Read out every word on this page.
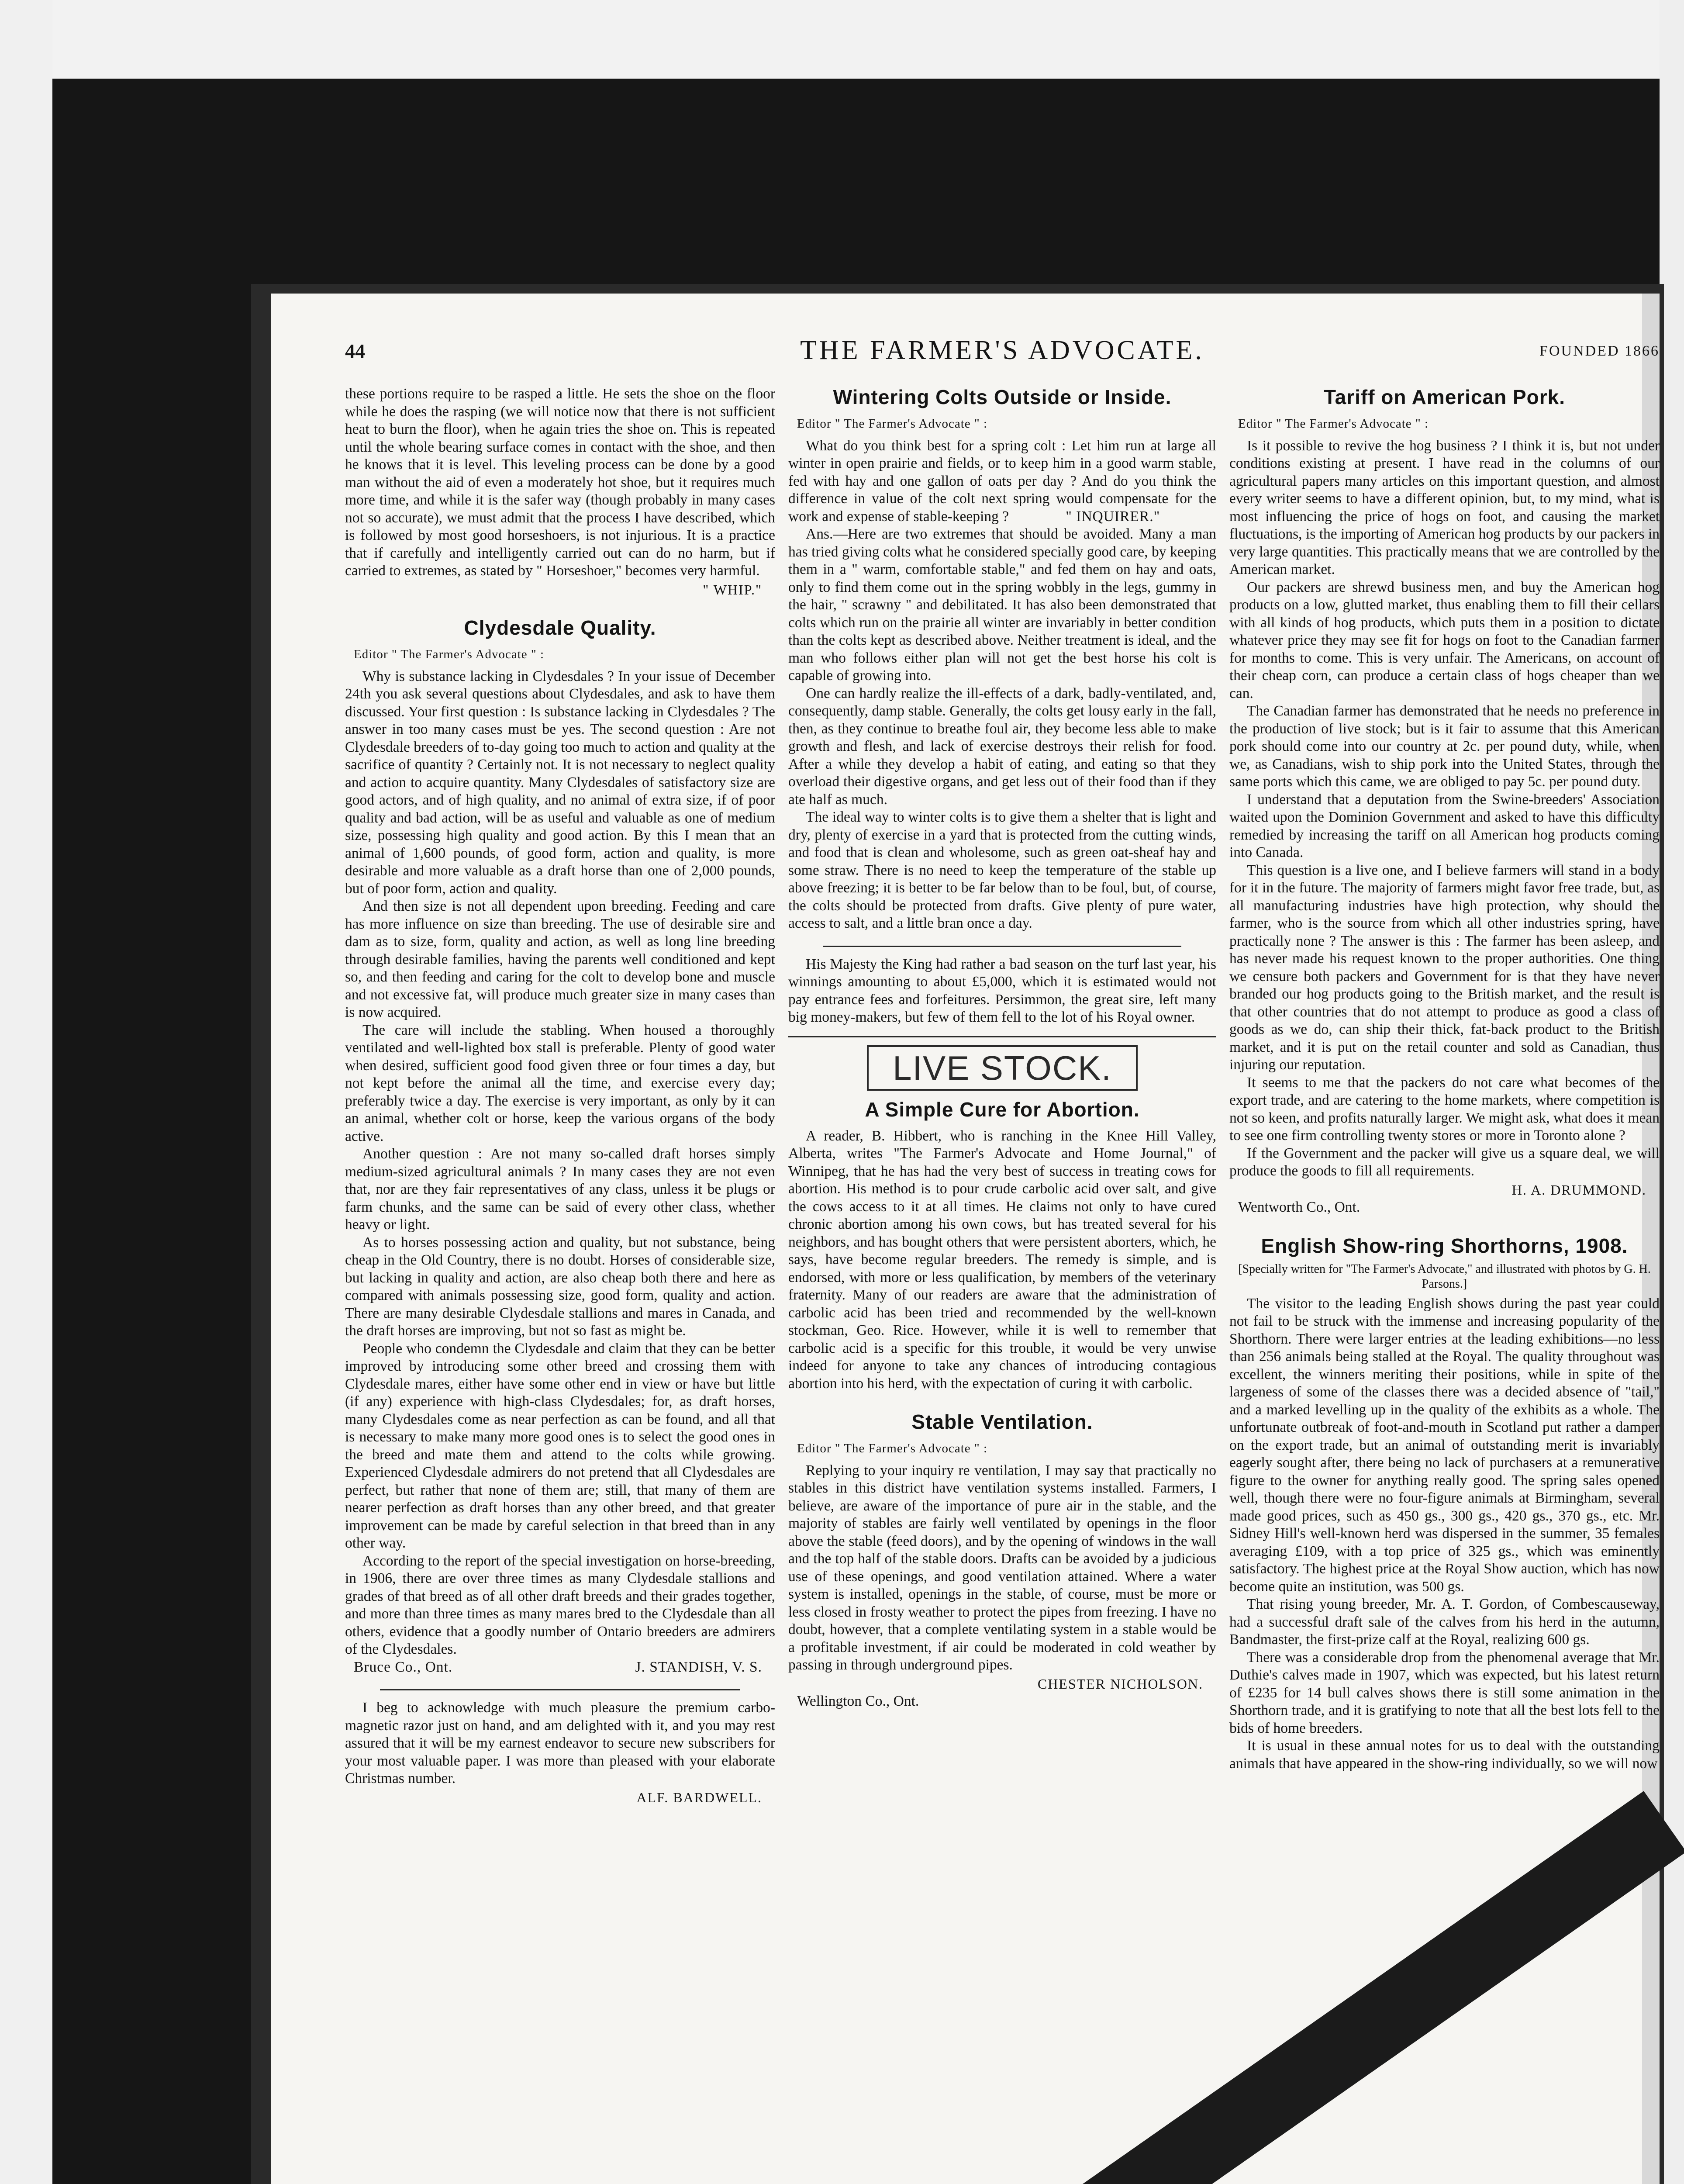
44	THE FARMER'S ADVOCATE.	FOUNDED 1866

these portions require to be rasped a little. He sets the shoe on the floor while he does the rasping (we will notice now that there is not sufficient heat to burn the floor), when he again tries the shoe on. This is repeated until the whole bearing surface comes in contact with the shoe, and then he knows that it is level. This leveling process can be done by a good man without the aid of even a moderately hot shoe, but it requires much more time, and while it is the safer way (though probably in many cases not so accurate), we must admit that the process I have described, which is followed by most good horseshoers, is not injurious. It is a practice that if carefully and intelligently carried out can do no harm, but if carried to extremes, as stated by " Horseshoer," becomes very harmful.

" WHIP."
Clydesdale Quality.
Editor " The Farmer's Advocate " :

Why is substance lacking in Clydesdales ? In your issue of December 24th you ask several questions about Clydesdales, and ask to have them discussed. Your first question : Is substance lacking in Clydesdales ? The answer in too many cases must be yes. The second question : Are not Clydesdale breeders of to-day going too much to action and quality at the sacrifice of quantity ? Certainly not. It is not necessary to neglect quality and action to acquire quantity. Many Clydesdales of satisfactory size are good actors, and of high quality, and no animal of extra size, if of poor quality and bad action, will be as useful and valuable as one of medium size, possessing high quality and good action. By this I mean that an animal of 1,600 pounds, of good form, action and quality, is more desirable and more valuable as a draft horse than one of 2,000 pounds, but of poor form, action and quality.

And then size is not all dependent upon breeding. Feeding and care has more influence on size than breeding. The use of desirable sire and dam as to size, form, quality and action, as well as long line breeding through desirable families, having the parents well conditioned and kept so, and then feeding and caring for the colt to develop bone and muscle and not excessive fat, will produce much greater size in many cases than is now acquired.

The care will include the stabling. When housed a thoroughly ventilated and well-lighted box stall is preferable. Plenty of good water when desired, sufficient good food given three or four times a day, but not kept before the animal all the time, and exercise every day; preferably twice a day. The exercise is very important, as only by it can an animal, whether colt or horse, keep the various organs of the body active.

Another question : Are not many so-called draft horses simply medium-sized agricultural animals ? In many cases they are not even that, nor are they fair representatives of any class, unless it be plugs or farm chunks, and the same can be said of every other class, whether heavy or light.

As to horses possessing action and quality, but not substance, being cheap in the Old Country, there is no doubt. Horses of considerable size, but lacking in quality and action, are also cheap both there and here as compared with animals possessing size, good form, quality and action. There are many desirable Clydesdale stallions and mares in Canada, and the draft horses are improving, but not so fast as might be.

People who condemn the Clydesdale and claim that they can be better improved by introducing some other breed and crossing them with Clydesdale mares, either have some other end in view or have but little (if any) experience with high-class Clydesdales; for, as draft horses, many Clydesdales come as near perfection as can be found, and all that is necessary to make many more good ones is to select the good ones in the breed and mate them and attend to the colts while growing. Experienced Clydesdale admirers do not pretend that all Clydesdales are perfect, but rather that none of them are; still, that many of them are nearer perfection as draft horses than any other breed, and that greater improvement can be made by careful selection in that breed than in any other way.

According to the report of the special investigation on horse-breeding, in 1906, there are over three times as many Clydesdale stallions and grades of that breed as of all other draft breeds and their grades together, and more than three times as many mares bred to the Clydesdale than all others, evidence that a goodly number of Ontario breeders are admirers of the Clydesdales.

Bruce Co., Ont.	J. STANDISH, V. S.

I beg to acknowledge with much pleasure the premium carbo-magnetic razor just on hand, and am delighted with it, and you may rest assured that it will be my earnest endeavor to secure new subscribers for your most valuable paper. I was more than pleased with your elaborate Christmas number.

ALF. BARDWELL.
Wintering Colts Outside or Inside.
Editor " The Farmer's Advocate " :

What do you think best for a spring colt : Let him run at large all winter in open prairie and fields, or to keep him in a good warm stable, fed with hay and one gallon of oats per day ? And do you think the difference in value of the colt next spring would compensate for the work and expense of stable-keeping ?	" INQUIRER."

Ans.—Here are two extremes that should be avoided. Many a man has tried giving colts what he considered specially good care, by keeping them in a " warm, comfortable stable," and fed them on hay and oats, only to find them come out in the spring wobbly in the legs, gummy in the hair, " scrawny " and debilitated. It has also been demonstrated that colts which run on the prairie all winter are invariably in better condition than the colts kept as described above. Neither treatment is ideal, and the man who follows either plan will not get the best horse his colt is capable of growing into.

One can hardly realize the ill-effects of a dark, badly-ventilated, and, consequently, damp stable. Generally, the colts get lousy early in the fall, then, as they continue to breathe foul air, they become less able to make growth and flesh, and lack of exercise destroys their relish for food. After a while they develop a habit of eating, and eating so that they overload their digestive organs, and get less out of their food than if they ate half as much.

The ideal way to winter colts is to give them a shelter that is light and dry, plenty of exercise in a yard that is protected from the cutting winds, and food that is clean and wholesome, such as green oat-sheaf hay and some straw. There is no need to keep the temperature of the stable up above freezing; it is better to be far below than to be foul, but, of course, the colts should be protected from drafts. Give plenty of pure water, access to salt, and a little bran once a day.

His Majesty the King had rather a bad season on the turf last year, his winnings amounting to about £5,000, which it is estimated would not pay entrance fees and forfeitures. Persimmon, the great sire, left many big money-makers, but few of them fell to the lot of his Royal owner.

LIVE STOCK.
A Simple Cure for Abortion.

A reader, B. Hibbert, who is ranching in the Knee Hill Valley, Alberta, writes "The Farmer's Advocate and Home Journal," of Winnipeg, that he has had the very best of success in treating cows for abortion. His method is to pour crude carbolic acid over salt, and give the cows access to it at all times. He claims not only to have cured chronic abortion among his own cows, but has treated several for his neighbors, and has bought others that were persistent aborters, which, he says, have become regular breeders. The remedy is simple, and is endorsed, with more or less qualification, by members of the veterinary fraternity. Many of our readers are aware that the administration of carbolic acid has been tried and recommended by the well-known stockman, Geo. Rice. However, while it is well to remember that carbolic acid is a specific for this trouble, it would be very unwise indeed for anyone to take any chances of introducing contagious abortion into his herd, with the expectation of curing it with carbolic.

Stable Ventilation.
Editor " The Farmer's Advocate " :

Replying to your inquiry re ventilation, I may say that practically no stables in this district have ventilation systems installed. Farmers, I believe, are aware of the importance of pure air in the stable, and the majority of stables are fairly well ventilated by openings in the floor above the stable (feed doors), and by the opening of windows in the wall and the top half of the stable doors. Drafts can be avoided by a judicious use of these openings, and good ventilation attained. Where a water system is installed, openings in the stable, of course, must be more or less closed in frosty weather to protect the pipes from freezing. I have no doubt, however, that a complete ventilating system in a stable would be a profitable investment, if air could be moderated in cold weather by passing in through underground pipes.

CHESTER NICHOLSON.
Wellington Co., Ont.
Tariff on American Pork.
Editor " The Farmer's Advocate " :

Is it possible to revive the hog business ? I think it is, but not under conditions existing at present. I have read in the columns of our agricultural papers many articles on this important question, and almost every writer seems to have a different opinion, but, to my mind, what is most influencing the price of hogs on foot, and causing the market fluctuations, is the importing of American hog products by our packers in very large quantities. This practically means that we are controlled by the American market.

Our packers are shrewd business men, and buy the American hog products on a low, glutted market, thus enabling them to fill their cellars with all kinds of hog products, which puts them in a position to dictate whatever price they may see fit for hogs on foot to the Canadian farmer for months to come. This is very unfair. The Americans, on account of their cheap corn, can produce a certain class of hogs cheaper than we can.

The Canadian farmer has demonstrated that he needs no preference in the production of live stock; but is it fair to assume that this American pork should come into our country at 2c. per pound duty, while, when we, as Canadians, wish to ship pork into the United States, through the same ports which this came, we are obliged to pay 5c. per pound duty.

I understand that a deputation from the Swine-breeders' Association waited upon the Dominion Government and asked to have this difficulty remedied by increasing the tariff on all American hog products coming into Canada.

This question is a live one, and I believe farmers will stand in a body for it in the future. The majority of farmers might favor free trade, but, as all manufacturing industries have high protection, why should the farmer, who is the source from which all other industries spring, have practically none ? The answer is this : The farmer has been asleep, and has never made his request known to the proper authorities. One thing we censure both packers and Government for is that they have never branded our hog products going to the British market, and the result is that other countries that do not attempt to produce as good a class of goods as we do, can ship their thick, fat-back product to the British market, and it is put on the retail counter and sold as Canadian, thus injuring our reputation.

It seems to me that the packers do not care what becomes of the export trade, and are catering to the home markets, where competition is not so keen, and profits naturally larger. We might ask, what does it mean to see one firm controlling twenty stores or more in Toronto alone ?

If the Government and the packer will give us a square deal, we will produce the goods to fill all requirements.

H. A. DRUMMOND.
Wentworth Co., Ont.
English Show-ring Shorthorns, 1908.
[Specially written for "The Farmer's Advocate," and illustrated with photos by G. H. Parsons.]

The visitor to the leading English shows during the past year could not fail to be struck with the immense and increasing popularity of the Shorthorn. There were larger entries at the leading exhibitions—no less than 256 animals being stalled at the Royal. The quality throughout was excellent, the winners meriting their positions, while in spite of the largeness of some of the classes there was a decided absence of "tail," and a marked levelling up in the quality of the exhibits as a whole. The unfortunate outbreak of foot-and-mouth in Scotland put rather a damper on the export trade, but an animal of outstanding merit is invariably eagerly sought after, there being no lack of purchasers at a remunerative figure to the owner for anything really good. The spring sales opened well, though there were no four-figure animals at Birmingham, several made good prices, such as 450 gs., 300 gs., 420 gs., 370 gs., etc. Mr. Sidney Hill's well-known herd was dispersed in the summer, 35 females averaging £109, with a top price of 325 gs., which was eminently satisfactory. The highest price at the Royal Show auction, which has now become quite an institution, was 500 gs.

That rising young breeder, Mr. A. T. Gordon, of Combescauseway, had a successful draft sale of the calves from his herd in the autumn, Bandmaster, the first-prize calf at the Royal, realizing 600 gs.

There was a considerable drop from the phenomenal average that Mr. Duthie's calves made in 1907, which was expected, but his latest return of £235 for 14 bull calves shows there is still some animation in the Shorthorn trade, and it is gratifying to note that all the best lots fell to the bids of home breeders.

It is usual in these annual notes for us to deal with the outstanding animals that have appeared in the show-ring individually, so we will now
